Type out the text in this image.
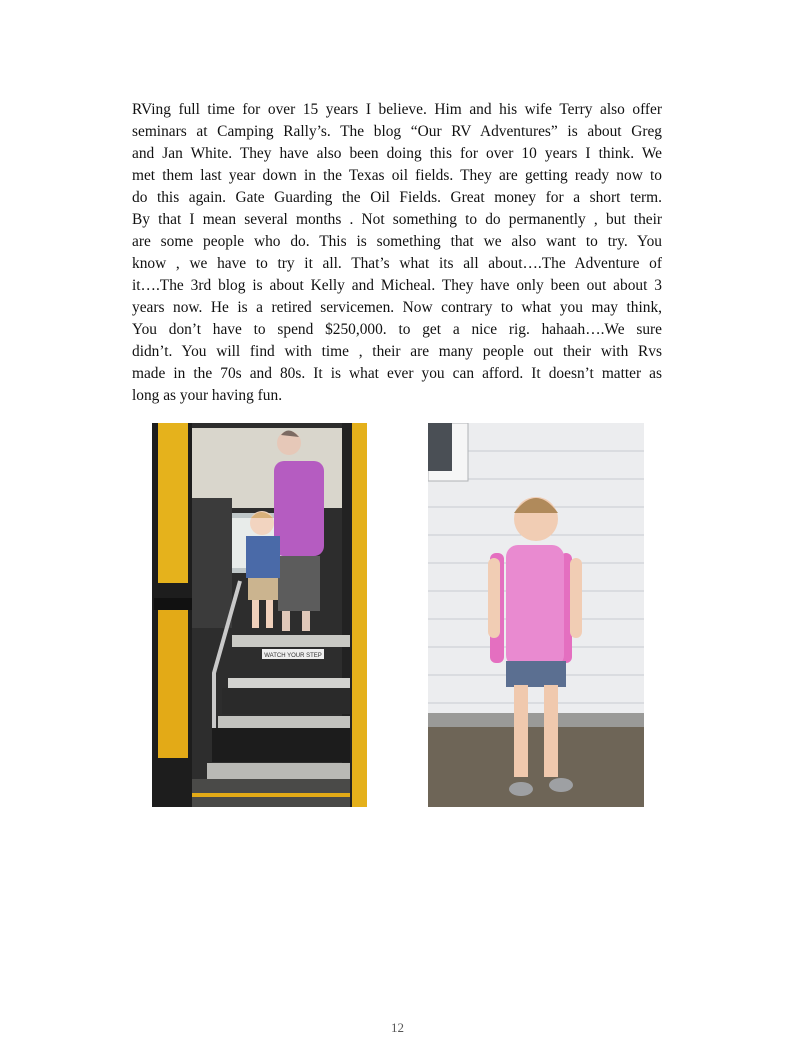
RVing full time for over 15 years I believe. Him and his wife Terry also offer
seminars at Camping Rally’s. The blog “Our RV Adventures” is about Greg
and Jan White. They have also been doing this for over 10 years I think. We
met them last year down in the Texas oil fields. They are getting ready now to
do this again. Gate Guarding the Oil Fields. Great money for a short term.
By that I mean several months . Not something to do permanently , but their
are some people who do. This is something that we also want to try. You
know , we have to try it all. That’s what its all about….The Adventure of
it….The 3rd blog is about Kelly and Micheal. They have only been out about 3
years now. He is a retired servicemen. Now contrary to what you may think,
You don’t have to spend $250,000. to get a nice rig. hahaah….We sure
didn’t. You will find with time , their are many people out their with Rvs
made in the 70s and 80s. It is what ever you can afford. It doesn’t matter as
long as your having fun.
WATCH YOUR STEP
12
